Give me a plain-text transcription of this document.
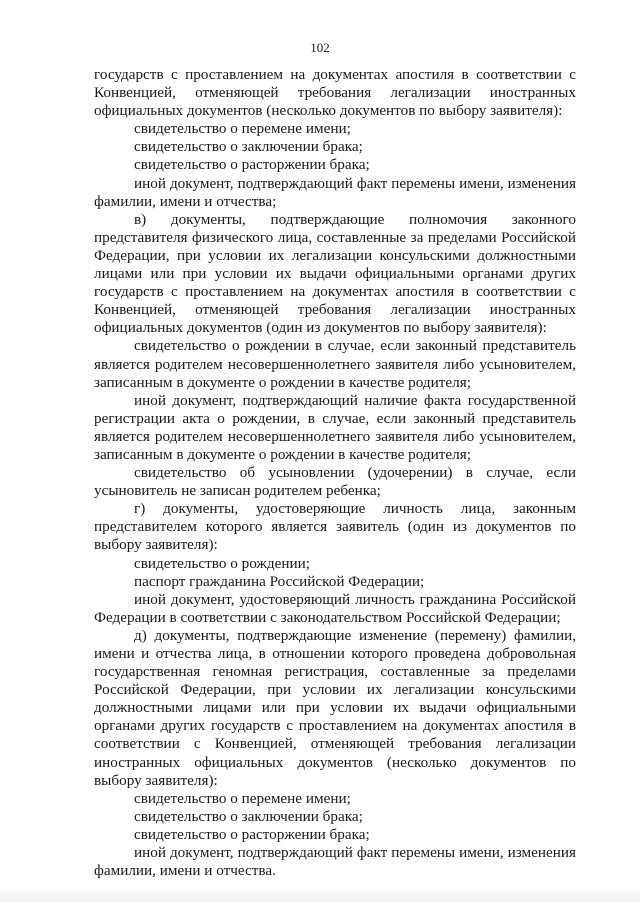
102

государств с проставлением на документах апостиля в соответствии с Конвенцией, отменяющей требования легализации иностранных официальных документов (несколько документов по выбору заявителя):

свидетельство о перемене имени;

свидетельство о заключении брака;

свидетельство о расторжении брака;

иной документ, подтверждающий факт перемены имени, изменения фамилии, имени и отчества;

в) документы, подтверждающие полномочия законного представителя физического лица, составленные за пределами Российской Федерации, при условии их легализации консульскими должностными лицами или при условии их выдачи официальными органами других государств с проставлением на документах апостиля в соответствии с Конвенцией, отменяющей требования легализации иностранных официальных документов (один из документов по выбору заявителя):

свидетельство о рождении в случае, если законный представитель является родителем несовершеннолетнего заявителя либо усыновителем, записанным в документе о рождении в качестве родителя;

иной документ, подтверждающий наличие факта государственной регистрации акта о рождении, в случае, если законный представитель является родителем несовершеннолетнего заявителя либо усыновителем, записанным в документе о рождении в качестве родителя;

свидетельство об усыновлении (удочерении) в случае, если усыновитель не записан родителем ребенка;

г) документы, удостоверяющие личность лица, законным представителем которого является заявитель (один из документов по выбору заявителя):

свидетельство о рождении;

паспорт гражданина Российской Федерации;

иной документ, удостоверяющий личность гражданина Российской Федерации в соответствии с законодательством Российской Федерации;

д) документы, подтверждающие изменение (перемену) фамилии, имени и отчества лица, в отношении которого проведена добровольная государственная геномная регистрация, составленные за пределами Российской Федерации, при условии их легализации консульскими должностными лицами или при условии их выдачи официальными органами других государств с проставлением на документах апостиля в соответствии с Конвенцией, отменяющей требования легализации иностранных официальных документов (несколько документов по выбору заявителя):

свидетельство о перемене имени;

свидетельство о заключении брака;

свидетельство о расторжении брака;

иной документ, подтверждающий факт перемены имени, изменения фамилии, имени и отчества.
